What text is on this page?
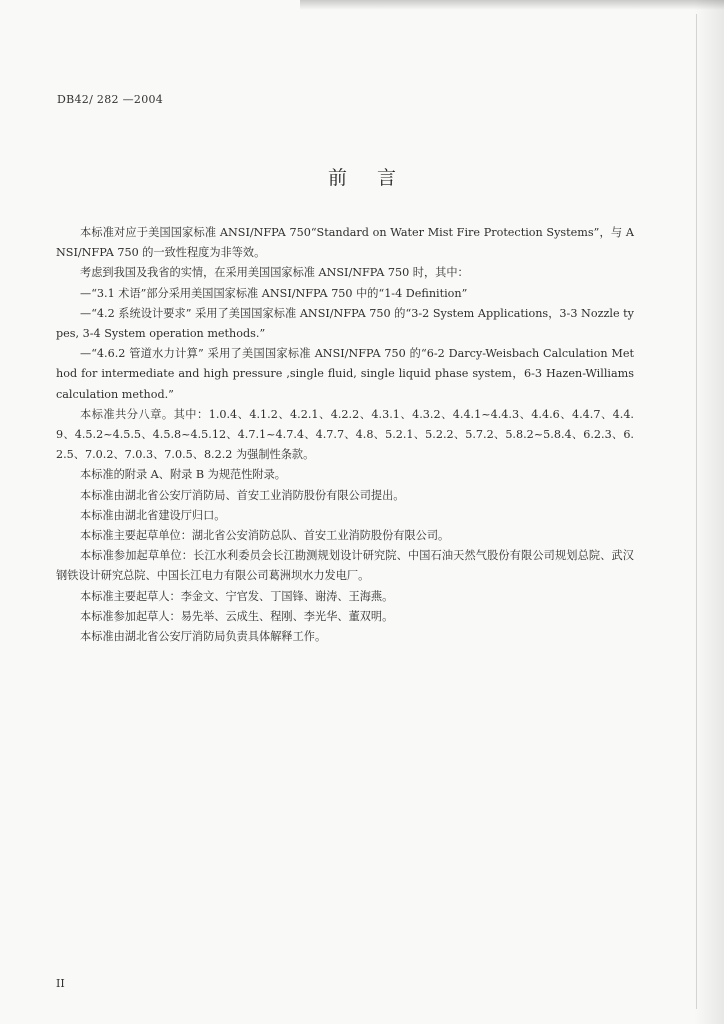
DB42/ 282 —2004
前言

本标准对应于美国国家标准 ANSI/NFPA 750“Standard on Water Mist Fire Protection Systems”，与 ANSI/NFPA 750 的一致性程度为非等效。

考虑到我国及我省的实情，在采用美国国家标准 ANSI/NFPA 750 时，其中：

—“3.1 术语”部分采用美国国家标准 ANSI/NFPA 750 中的“1-4 Definition”

—“4.2 系统设计要求” 采用了美国国家标准 ANSI/NFPA 750 的“3-2 System Applications，3-3 Nozzle types, 3-4 System operation methods.”

—“4.6.2 管道水力计算” 采用了美国国家标准 ANSI/NFPA 750 的“6-2 Darcy-Weisbach Calculation Method for intermediate and high pressure ,single fluid, single liquid phase system，6-3 Hazen-Williams calculation method.”

本标准共分八章。其中：1.0.4、4.1.2、4.2.1、4.2.2、4.3.1、4.3.2、4.4.1~4.4.3、4.4.6、4.4.7、4.4.9、4.5.2~4.5.5、4.5.8~4.5.12、4.7.1~4.7.4、4.7.7、4.8、5.2.1、5.2.2、5.7.2、5.8.2~5.8.4、6.2.3、6.2.5、7.0.2、7.0.3、7.0.5、8.2.2 为强制性条款。

本标准的附录 A、附录 B 为规范性附录。

本标准由湖北省公安厅消防局、首安工业消防股份有限公司提出。

本标准由湖北省建设厅归口。

本标准主要起草单位：湖北省公安消防总队、首安工业消防股份有限公司。

本标准参加起草单位：长江水利委员会长江勘测规划设计研究院、中国石油天然气股份有限公司规划总院、武汉钢铁设计研究总院、中国长江电力有限公司葛洲坝水力发电厂。

本标准主要起草人：李金文、宁官发、丁国锋、谢涛、王海燕。

本标准参加起草人：易先举、云成生、程刚、李光华、董双明。

本标准由湖北省公安厅消防局负责具体解释工作。

II
